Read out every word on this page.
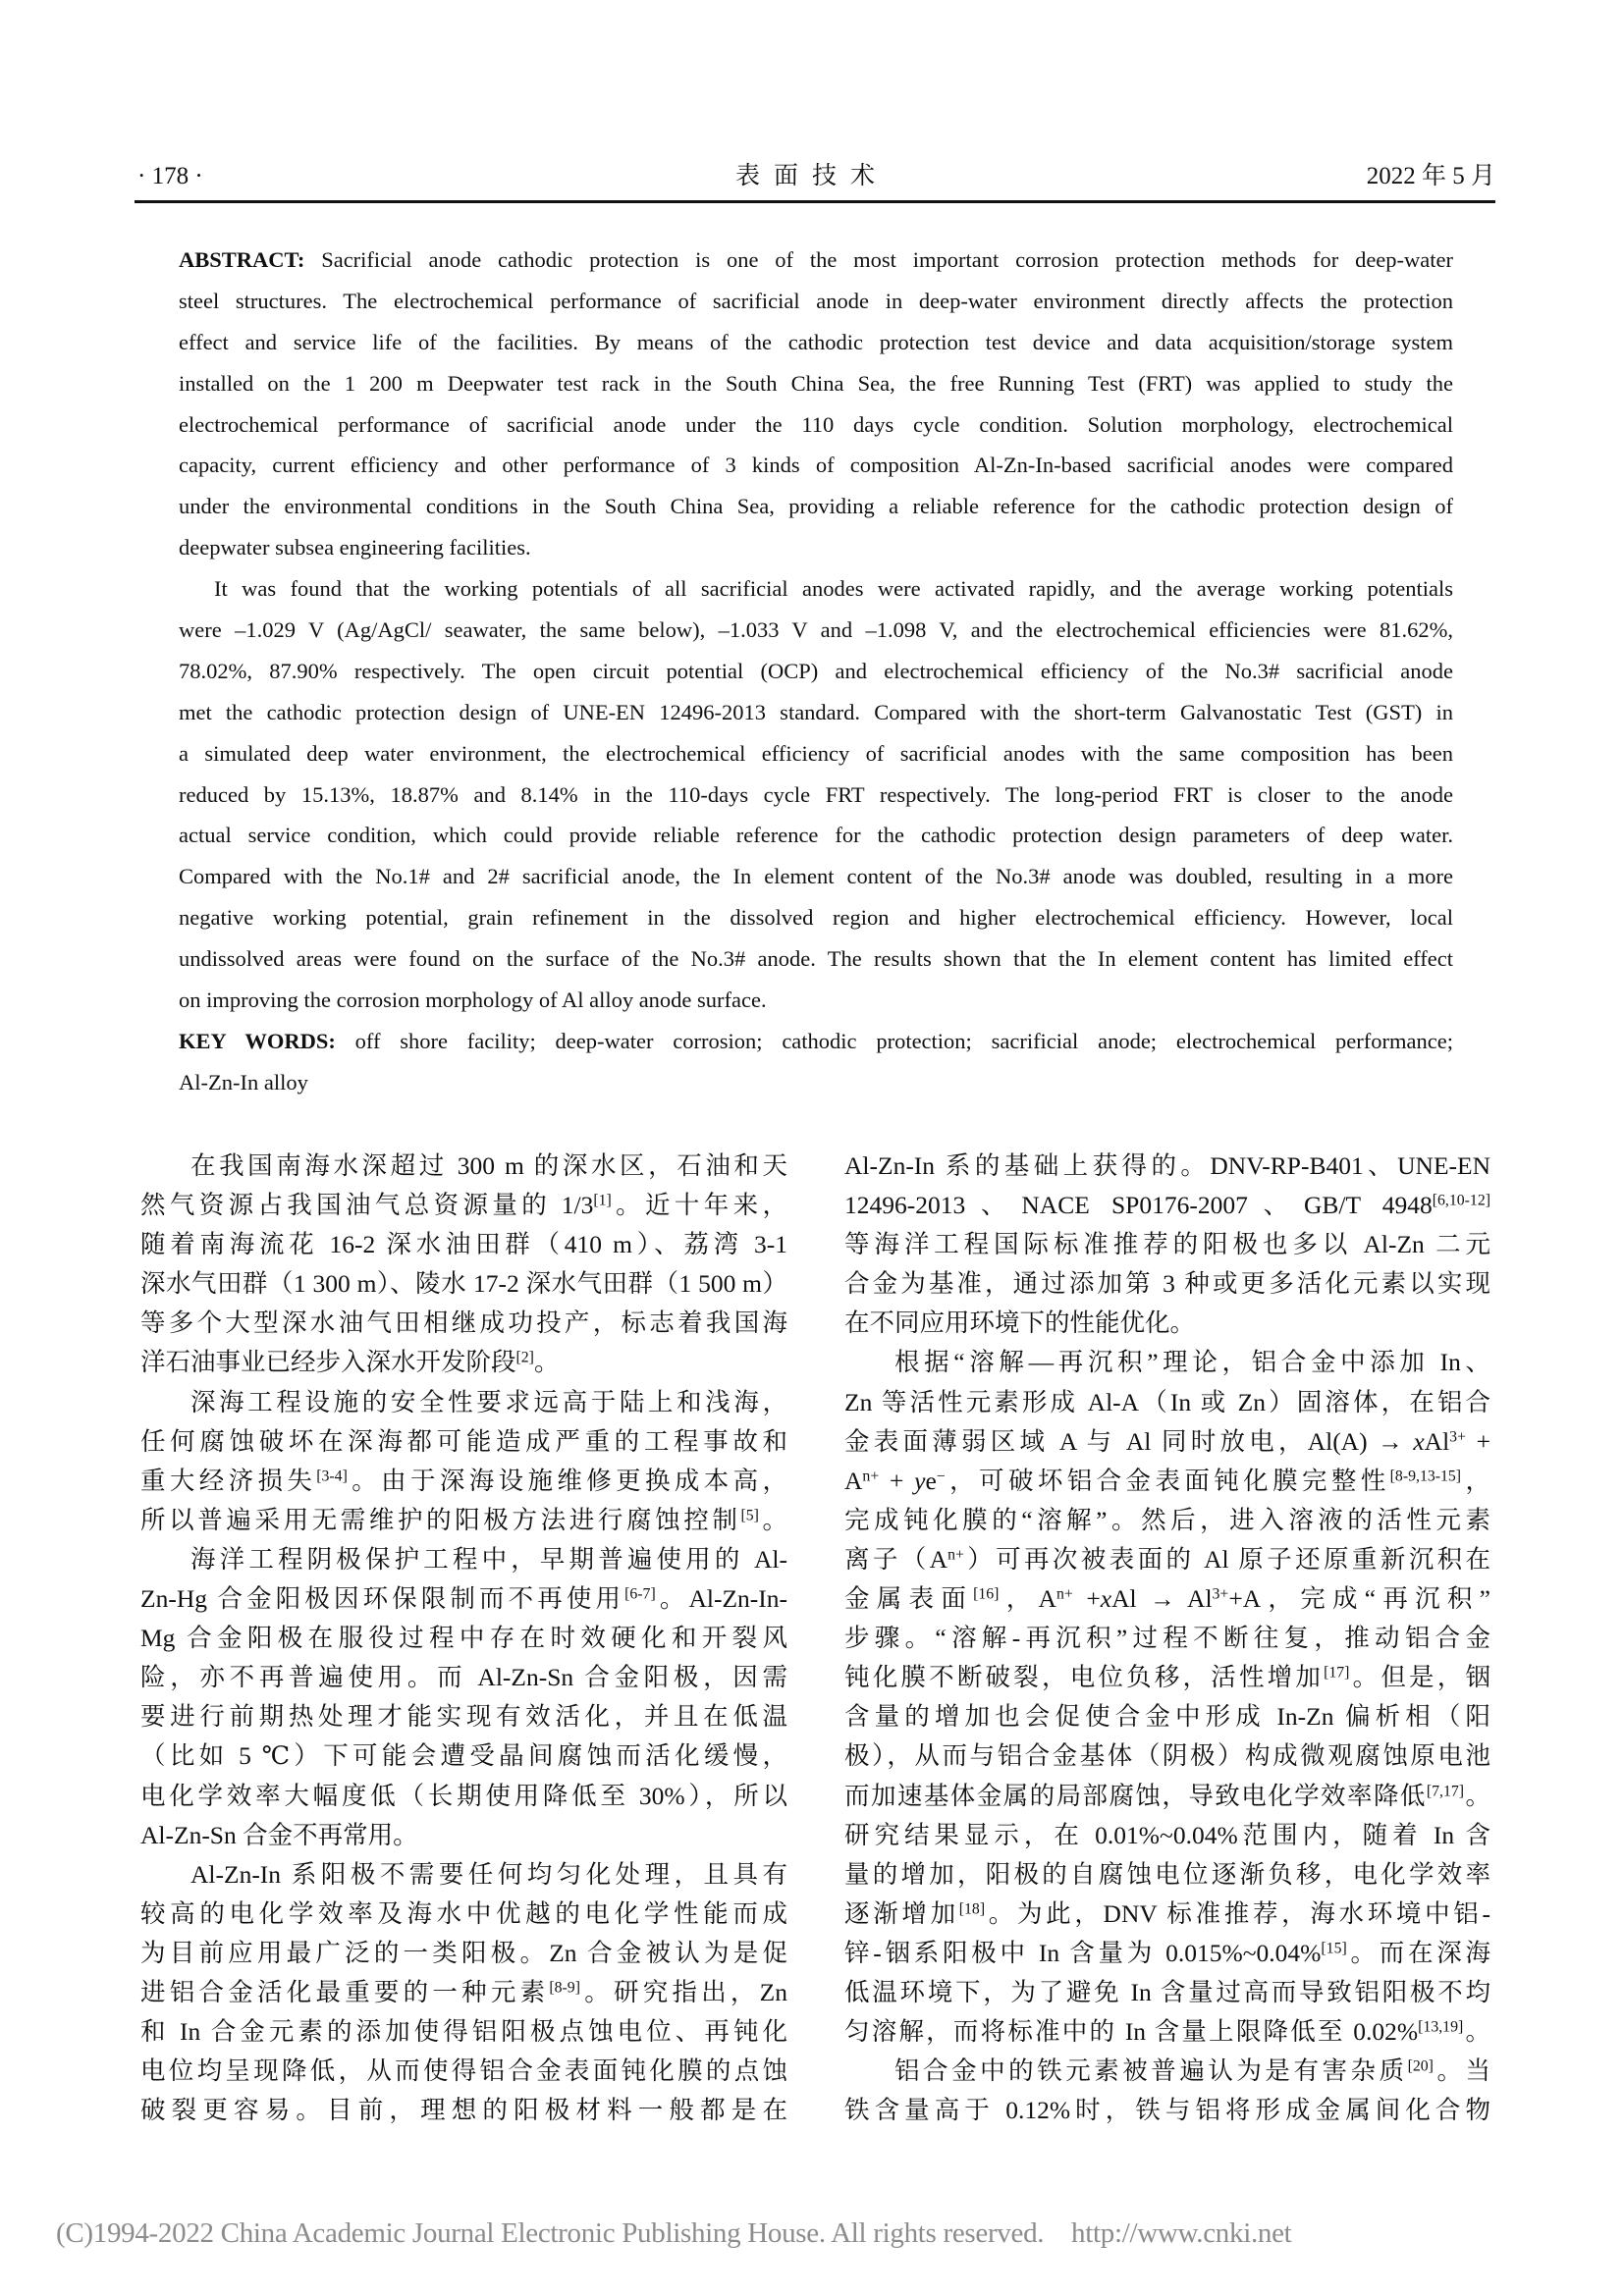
· 178 ·	表面技术	2022 年 5 月
ABSTRACT: Sacrificial anode cathodic protection is one of the most important corrosion protection methods for deep-water
steel structures. The electrochemical performance of sacrificial anode in deep-water environment directly affects the protection
effect and service life of the facilities. By means of the cathodic protection test device and data acquisition/storage system
installed on the 1 200 m Deepwater test rack in the South China Sea, the free Running Test (FRT) was applied to study the
electrochemical performance of sacrificial anode under the 110 days cycle condition. Solution morphology, electrochemical
capacity, current efficiency and other performance of 3 kinds of composition Al-Zn-In-based sacrificial anodes were compared
under the environmental conditions in the South China Sea, providing a reliable reference for the cathodic protection design of
deepwater subsea engineering facilities.
It was found that the working potentials of all sacrificial anodes were activated rapidly, and the average working potentials
were –1.029 V (Ag/AgCl/ seawater, the same below), –1.033 V and –1.098 V, and the electrochemical efficiencies were 81.62%,
78.02%, 87.90% respectively. The open circuit potential (OCP) and electrochemical efficiency of the No.3# sacrificial anode
met the cathodic protection design of UNE-EN 12496-2013 standard. Compared with the short-term Galvanostatic Test (GST) in
a simulated deep water environment, the electrochemical efficiency of sacrificial anodes with the same composition has been
reduced by 15.13%, 18.87% and 8.14% in the 110-days cycle FRT respectively. The long-period FRT is closer to the anode
actual service condition, which could provide reliable reference for the cathodic protection design parameters of deep water.
Compared with the No.1# and 2# sacrificial anode, the In element content of the No.3# anode was doubled, resulting in a more
negative working potential, grain refinement in the dissolved region and higher electrochemical efficiency. However, local
undissolved areas were found on the surface of the No.3# anode. The results shown that the In element content has limited effect
on improving the corrosion morphology of Al alloy anode surface.
KEY WORDS: off shore facility; deep-water corrosion; cathodic protection; sacrificial anode; electrochemical performance;
Al-Zn-In alloy
在我国南海水深超过 300 m 的深水区，石油和天
然气资源占我国油气总资源量的 1/3[1]。近十年来，
随着南海流花 16-2 深水油田群（410 m）、荔湾 3-1
深水气田群（1 300 m）、陵水 17-2 深水气田群（1 500 m）
等多个大型深水油气田相继成功投产，标志着我国海
洋石油事业已经步入深水开发阶段[2]。
深海工程设施的安全性要求远高于陆上和浅海，
任何腐蚀破坏在深海都可能造成严重的工程事故和
重大经济损失[3-4]。由于深海设施维修更换成本高，
所以普遍采用无需维护的阳极方法进行腐蚀控制[5]。
海洋工程阴极保护工程中，早期普遍使用的 Al-
Zn-Hg 合金阳极因环保限制而不再使用[6-7]。Al-Zn-In-
Mg 合金阳极在服役过程中存在时效硬化和开裂风
险，亦不再普遍使用。而 Al-Zn-Sn 合金阳极，因需
要进行前期热处理才能实现有效活化，并且在低温
（比如 5 ℃）下可能会遭受晶间腐蚀而活化缓慢，
电化学效率大幅度低（长期使用降低至 30%），所以
Al-Zn-Sn 合金不再常用。
Al-Zn-In 系阳极不需要任何均匀化处理，且具有
较高的电化学效率及海水中优越的电化学性能而成
为目前应用最广泛的一类阳极。Zn 合金被认为是促
进铝合金活化最重要的一种元素[8-9]。研究指出，Zn
和 In 合金元素的添加使得铝阳极点蚀电位、再钝化
电位均呈现降低，从而使得铝合金表面钝化膜的点蚀
破裂更容易。目前，理想的阳极材料一般都是在
Al-Zn-In 系的基础上获得的。DNV-RP-B401、UNE-EN
12496-2013、NACE SP0176-2007、GB/T 4948[6,10-12]
等海洋工程国际标准推荐的阳极也多以 Al-Zn 二元
合金为基准，通过添加第 3 种或更多活化元素以实现
在不同应用环境下的性能优化。
根据“溶解—再沉积”理论，铝合金中添加 In、
Zn 等活性元素形成 Al-A（In 或 Zn）固溶体，在铝合
金表面薄弱区域 A 与 Al 同时放电，Al(A) → xAl$^{3+}$ +
$A^{n+} + ye^-$，可破坏铝合金表面钝化膜完整性[8-9,13-15]，
完成钝化膜的“溶解”。然后，进入溶液的活性元素
离子$(A^{n+})$可再次被表面的 Al 原子还原重新沉积在
金属表面[16]，$A^{n+} +xAl \to Al^{3+}+A$，完成“再沉积”
步骤。“溶解-再沉积”过程不断往复，推动铝合金
钝化膜不断破裂，电位负移，活性增加[17]。但是，铟
含量的增加也会促使合金中形成 In-Zn 偏析相（阳
极），从而与铝合金基体（阴极）构成微观腐蚀原电池
而加速基体金属的局部腐蚀，导致电化学效率降低[7,17]。
研究结果显示，在 0.01%~0.04%范围内，随着 In 含
量的增加，阳极的自腐蚀电位逐渐负移，电化学效率
逐渐增加[18]。为此，DNV 标准推荐，海水环境中铝-
锌-铟系阳极中 In 含量为 0.015%~0.04%[15]。而在深海
低温环境下，为了避免 In 含量过高而导致铝阳极不均
匀溶解，而将标准中的 In 含量上限降低至 0.02%[13,19]。
铝合金中的铁元素被普遍认为是有害杂质[20]。当
铁含量高于 0.12%时，铁与铝将形成金属间化合物
(C)1994-2022 China Academic Journal Electronic Publishing House. All rights reserved. http://www.cnki.net
